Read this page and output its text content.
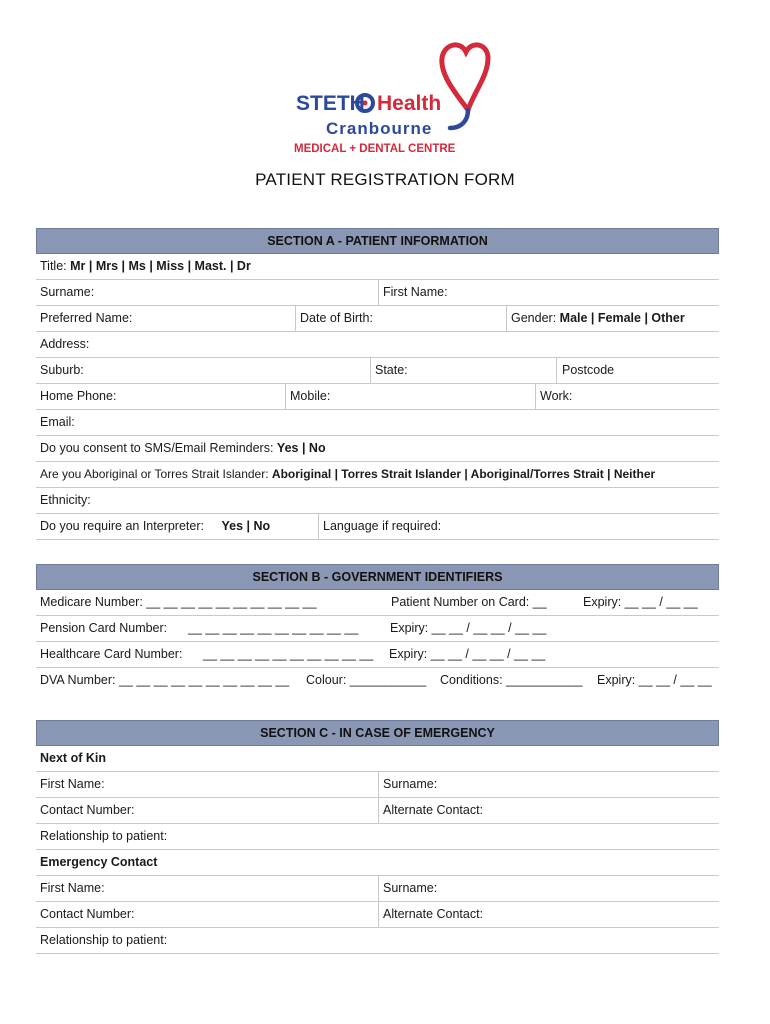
STETH Health
Cranbourne
MEDICAL + DENTAL CENTRE
PATIENT REGISTRATION FORM
SECTION A - PATIENT INFORMATION
Title: Mr | Mrs | Ms | Miss | Mast. | Dr
Surname:	First Name:
Preferred Name:	Date of Birth:	Gender: Male | Female | Other
Address:
Suburb:	State:	Postcode
Home Phone:	Mobile:	Work:
Email:
Do you consent to SMS/Email Reminders: Yes | No
Are you Aboriginal or Torres Strait Islander: Aboriginal | Torres Strait Islander | Aboriginal/Torres Strait | Neither
Ethnicity:
Do you require an Interpreter: Yes | No	Language if required:
SECTION B - GOVERNMENT IDENTIFIERS
Medicare Number: __ __ __ __ __ __ __ __ __ __	Patient Number on Card: __	Expiry: __ __ / __ __
Pension Card Number:	__ __ __ __ __ __ __ __ __ __	Expiry: __ __ / __ __ / __ __
Healthcare Card Number:	__ __ __ __ __ __ __ __ __ __	Expiry: __ __ / __ __ / __ __
DVA Number: __ __ __ __ __ __ __ __ __ __	Colour: ___________	Conditions: ___________	Expiry: __ __ / __ __
SECTION C - IN CASE OF EMERGENCY
Next of Kin
First Name:	Surname:
Contact Number:	Alternate Contact:
Relationship to patient:
Emergency Contact
First Name:	Surname:
Contact Number:	Alternate Contact:
Relationship to patient:
